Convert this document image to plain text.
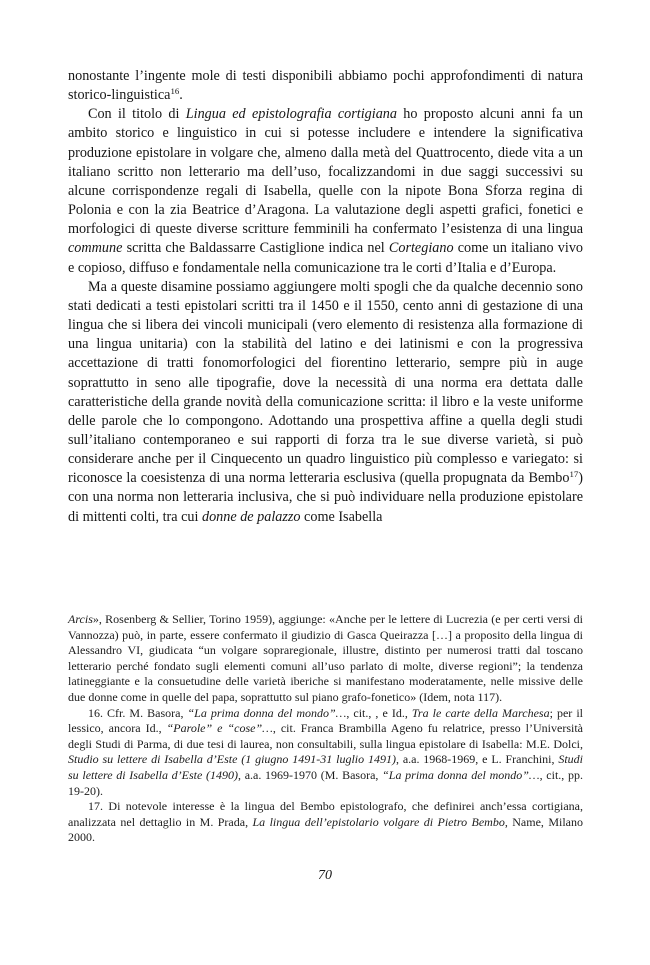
nonostante l’ingente mole di testi disponibili abbiamo pochi approfondimenti di natura storico-linguistica$^{16}$.

Con il titolo di Lingua ed epistolografia cortigiana ho proposto alcuni anni fa un ambito storico e linguistico in cui si potesse includere e intendere la significativa produzione epistolare in volgare che, almeno dalla metà del Quattrocento, diede vita a un italiano scritto non letterario ma dell’uso, focalizzandomi in due saggi successivi su alcune corrispondenze regali di Isabella, quelle con la nipote Bona Sforza regina di Polonia e con la zia Beatrice d’Aragona. La valutazione degli aspetti grafici, fonetici e morfologici di queste diverse scritture femminili ha confermato l’esistenza di una lingua commune scritta che Baldassarre Castiglione indica nel Cortegiano come un italiano vivo e copioso, diffuso e fondamentale nella comunicazione tra le corti d’Italia e d’Europa.

Ma a queste disamine possiamo aggiungere molti spogli che da qualche decennio sono stati dedicati a testi epistolari scritti tra il 1450 e il 1550, cento anni di gestazione di una lingua che si libera dei vincoli municipali (vero elemento di resistenza alla formazione di una lingua unitaria) con la stabilità del latino e dei latinismi e con la progressiva accettazione di tratti fonomorfologici del fiorentino letterario, sempre più in auge soprattutto in seno alle tipografie, dove la necessità di una norma era dettata dalle caratteristiche della grande novità della comunicazione scritta: il libro e la veste uniforme delle parole che lo compongono. Adottando una prospettiva affine a quella degli studi sull’italiano contemporaneo e sui rapporti di forza tra le sue diverse varietà, si può considerare anche per il Cinquecento un quadro linguistico più complesso e variegato: si riconosce la coesistenza di una norma letteraria esclusiva (quella propugnata da Bembo$^{17}$) con una norma non letteraria inclusiva, che si può individuare nella produzione epistolare di mittenti colti, tra cui donne de palazzo come Isabella

Arcis», Rosenberg & Sellier, Torino 1959), aggiunge: «Anche per le lettere di Lucrezia (e per certi versi di Vannozza) può, in parte, essere confermato il giudizio di Gasca Queirazza […] a proposito della lingua di Alessandro VI, giudicata “un volgare sopraregionale, illustre, distinto per numerosi tratti dal toscano letterario perché fondato sugli elementi comuni all’uso parlato di molte, diverse regioni”; la tendenza latineggiante e la consuetudine delle varietà iberiche si manifestano moderatamente, nelle missive delle due donne come in quelle del papa, soprattutto sul piano grafo-fonetico» (Idem, nota 117).

16. Cfr. M. Basora, “La prima donna del mondo”…, cit., , e Id., Tra le carte della Marchesa; per il lessico, ancora Id., “Parole” e “cose”…, cit. Franca Brambilla Ageno fu relatrice, presso l’Università degli Studi di Parma, di due tesi di laurea, non consultabili, sulla lingua epistolare di Isabella: M.E. Dolci, Studio su lettere di Isabella d’Este (1 giugno 1491-31 luglio 1491), a.a. 1968-1969, e L. Franchini, Studi su lettere di Isabella d’Este (1490), a.a. 1969-1970 (M. Basora, “La prima donna del mondo”…, cit., pp. 19-20).

17. Di notevole interesse è la lingua del Bembo epistolografo, che definirei anch’essa cortigiana, analizzata nel dettaglio in M. Prada, La lingua dell’epistolario volgare di Pietro Bembo, Name, Milano 2000.

70
